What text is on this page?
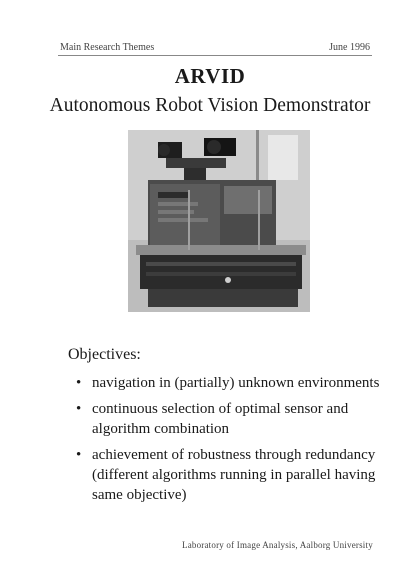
Main Research Themes	June 1996
ARVID
Autonomous Robot Vision Demonstrator
Objectives:
• navigation in (partially) unknown environments
• continuous selection of optimal sensor and algorithm combination
• achievement of robustness through redundancy (different algorithms running in parallel having same objective)
Laboratory of Image Analysis, Aalborg University
